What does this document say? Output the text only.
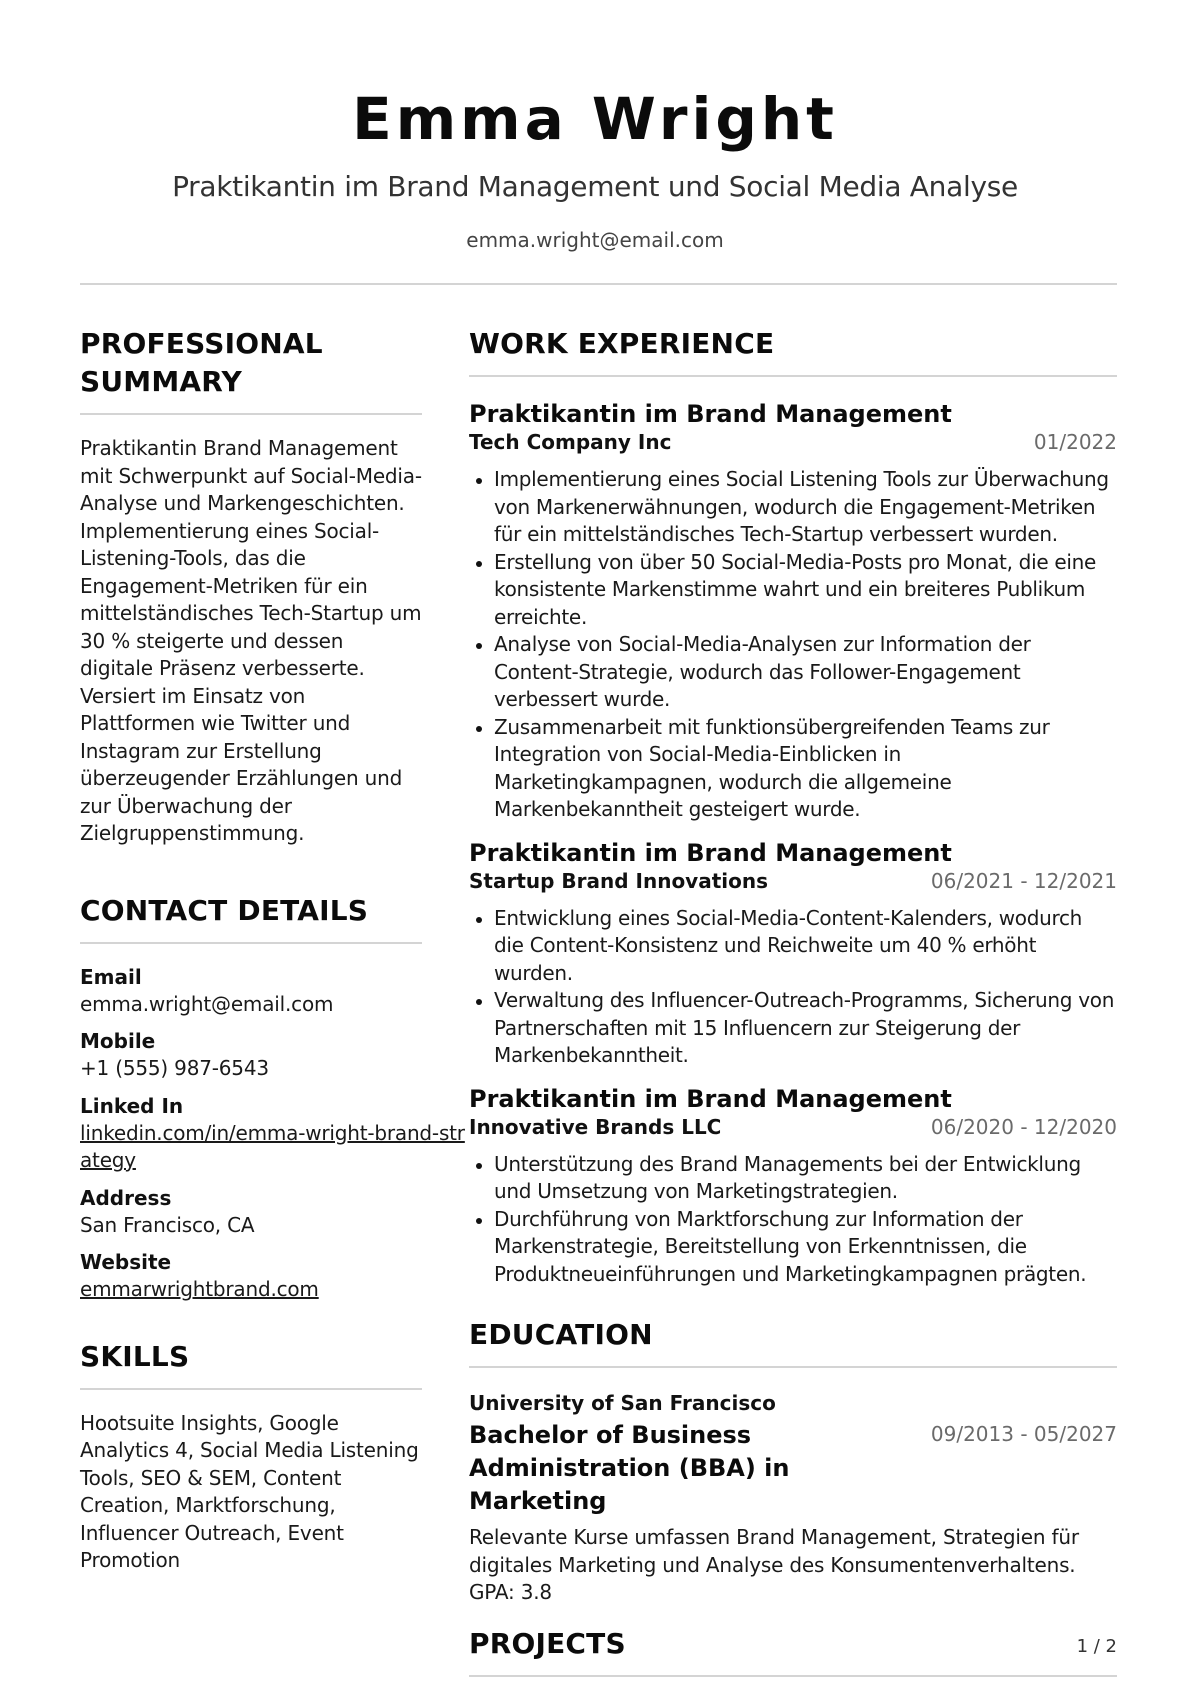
Emma Wright
Praktikantin im Brand Management und Social Media Analyse
emma.wright@email.com
PROFESSIONAL SUMMARY

Praktikantin Brand Management mit Schwerpunkt auf Social-Media-Analyse und Markengeschichten. Implementierung eines Social-Listening-Tools, das die Engagement-Metriken für ein mittelständisches Tech-Startup um 30 % steigerte und dessen digitale Präsenz verbesserte. Versiert im Einsatz von Plattformen wie Twitter und Instagram zur Erstellung überzeugender Erzählungen und zur Überwachung der Zielgruppenstimmung.

CONTACT DETAILS
Email
emma.wright@email.com
Mobile
+1 (555) 987-6543
Linked In
linkedin.com/in/emma-wright-brand-strategy
Address
San Francisco, CA
Website
emmarwrightbrand.com
SKILLS

Hootsuite Insights, Google Analytics 4, Social Media Listening Tools, SEO & SEM, Content Creation, Marktforschung, Influencer Outreach, Event Promotion

WORK EXPERIENCE
Praktikantin im Brand Management
Tech Company Inc	01/2022
Implementierung eines Social Listening Tools zur Überwachung von Markenerwähnungen, wodurch die Engagement-Metriken für ein mittelständisches Tech-Startup verbessert wurden.
Erstellung von über 50 Social-Media-Posts pro Monat, die eine konsistente Markenstimme wahrt und ein breiteres Publikum erreichte.
Analyse von Social-Media-Analysen zur Information der Content-Strategie, wodurch das Follower-Engagement verbessert wurde.
Zusammenarbeit mit funktionsübergreifenden Teams zur Integration von Social-Media-Einblicken in Marketingkampagnen, wodurch die allgemeine Markenbekanntheit gesteigert wurde.
Praktikantin im Brand Management
Startup Brand Innovations	06/2021 - 12/2021
Entwicklung eines Social-Media-Content-Kalenders, wodurch die Content-Konsistenz und Reichweite um 40 % erhöht wurden.
Verwaltung des Influencer-Outreach-Programms, Sicherung von Partnerschaften mit 15 Influencern zur Steigerung der Markenbekanntheit.
Praktikantin im Brand Management
Innovative Brands LLC	06/2020 - 12/2020
Unterstützung des Brand Managements bei der Entwicklung und Umsetzung von Marketingstrategien.
Durchführung von Marktforschung zur Information der Markenstrategie, Bereitstellung von Erkenntnissen, die Produktneueinführungen und Marketingkampagnen prägten.
EDUCATION
University of San Francisco
Bachelor of Business Administration (BBA) in Marketing
09/2013 - 05/2027

Relevante Kurse umfassen Brand Management, Strategien für digitales Marketing und Analyse des Konsumentenverhaltens. GPA: 3.8

PROJECTS	1 / 2
